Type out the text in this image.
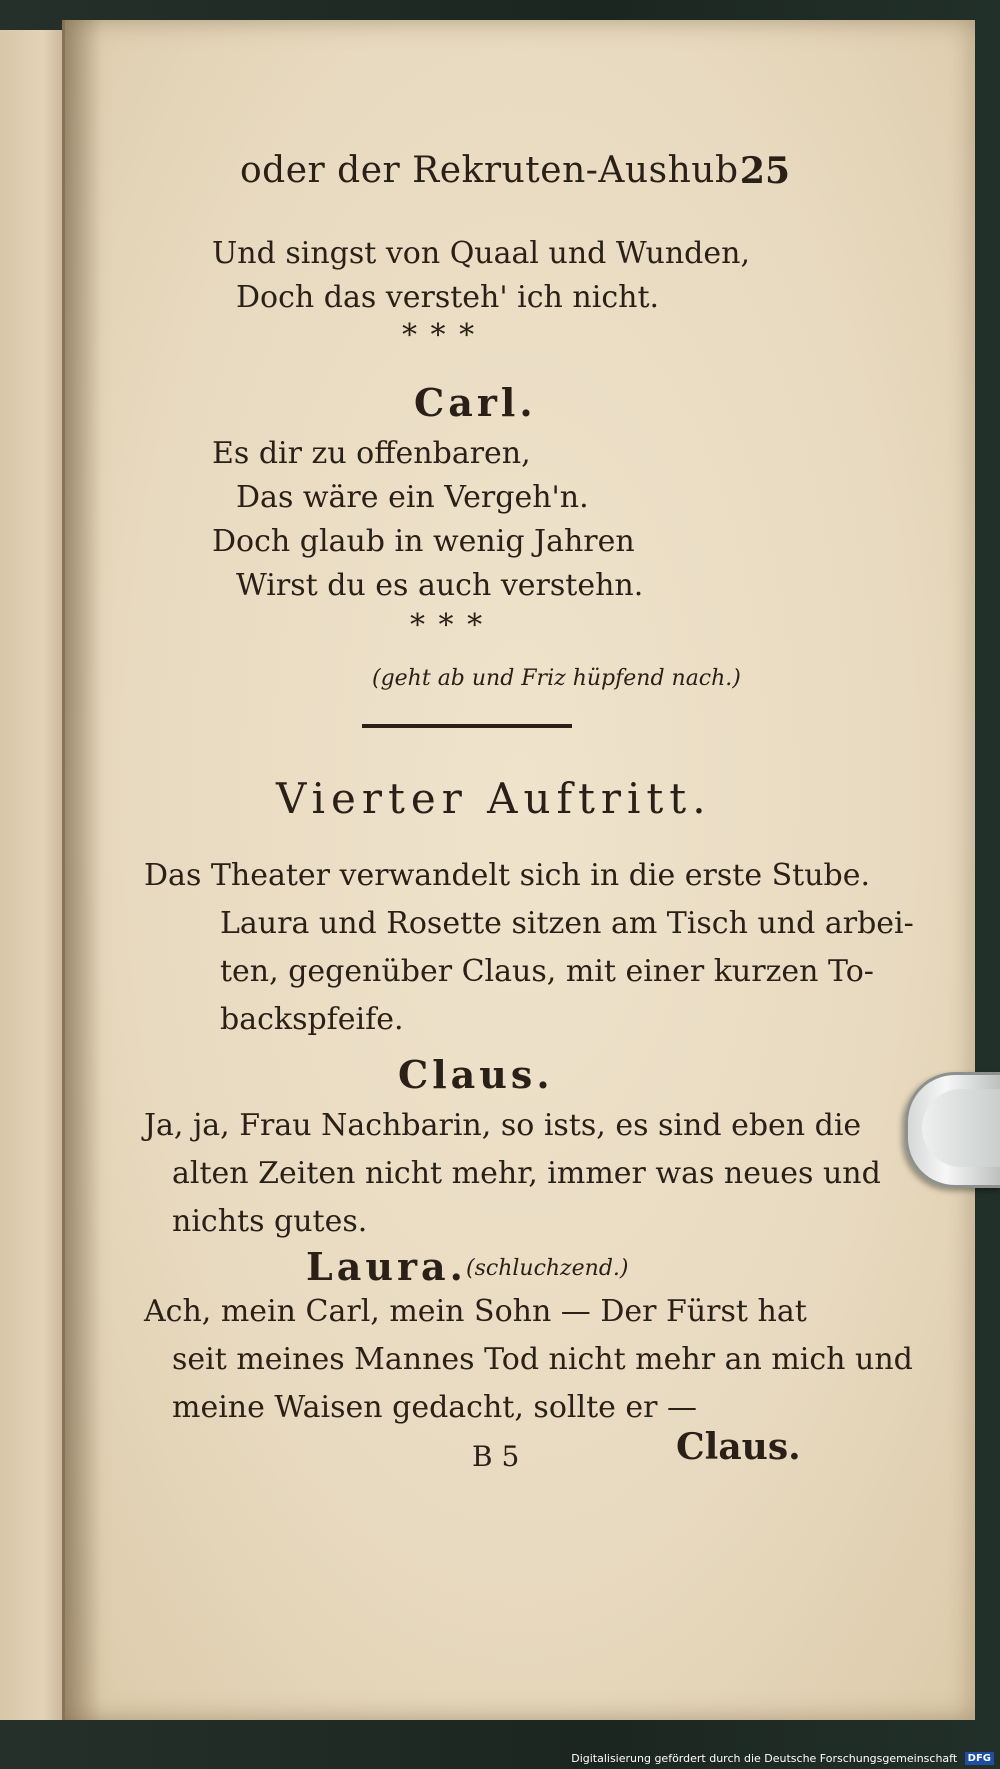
oder der Rekruten-Aushub.
25
Und singst von Quaal und Wunden,
Doch das versteh' ich nicht.
* * *
Carl.
Es dir zu offenbaren,
Das wäre ein Vergeh'n.
Doch glaub in wenig Jahren
Wirst du es auch verstehn.
* * *
(geht ab und Friz hüpfend nach.)
Vierter Auftritt.
Das Theater verwandelt sich in die erste Stube.
Laura und Rosette sitzen am Tisch und arbei-
ten, gegenüber Claus, mit einer kurzen To-
backspfeife.
Claus.
Ja, ja, Frau Nachbarin, so ists, es sind eben die
alten Zeiten nicht mehr, immer was neues und
nichts gutes.
Laura. (schluchzend.)
Ach, mein Carl, mein Sohn — Der Fürst hat
seit meines Mannes Tod nicht mehr an mich und
meine Waisen gedacht, sollte er —
B 5	Claus.
Digitalisierung gefördert durch die Deutsche Forschungsgemeinschaft DFG
